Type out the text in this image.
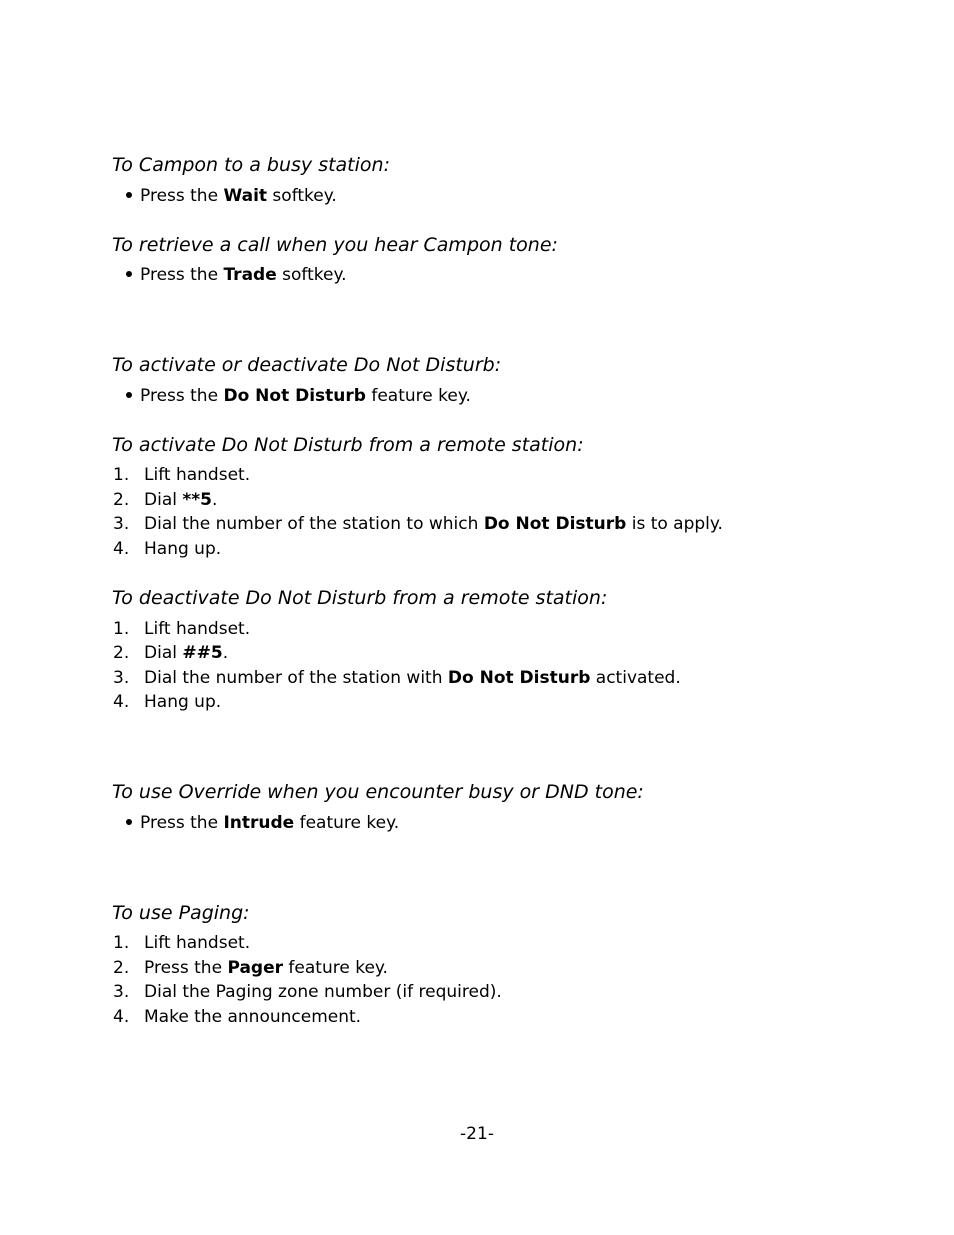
To Campon to a busy station:
Press the Wait softkey.
To retrieve a call when you hear Campon tone:
Press the Trade softkey.
To activate or deactivate Do Not Disturb:
Press the Do Not Disturb feature key.
To activate Do Not Disturb from a remote station:
1. Lift handset.
2. Dial **5.
3. Dial the number of the station to which Do Not Disturb is to apply.
4. Hang up.
To deactivate Do Not Disturb from a remote station:
1. Lift handset.
2. Dial ##5.
3. Dial the number of the station with Do Not Disturb activated.
4. Hang up.
To use Override when you encounter busy or DND tone:
Press the Intrude feature key.
To use Paging:
1. Lift handset.
2. Press the Pager feature key.
3. Dial the Paging zone number (if required).
4. Make the announcement.
-21-
